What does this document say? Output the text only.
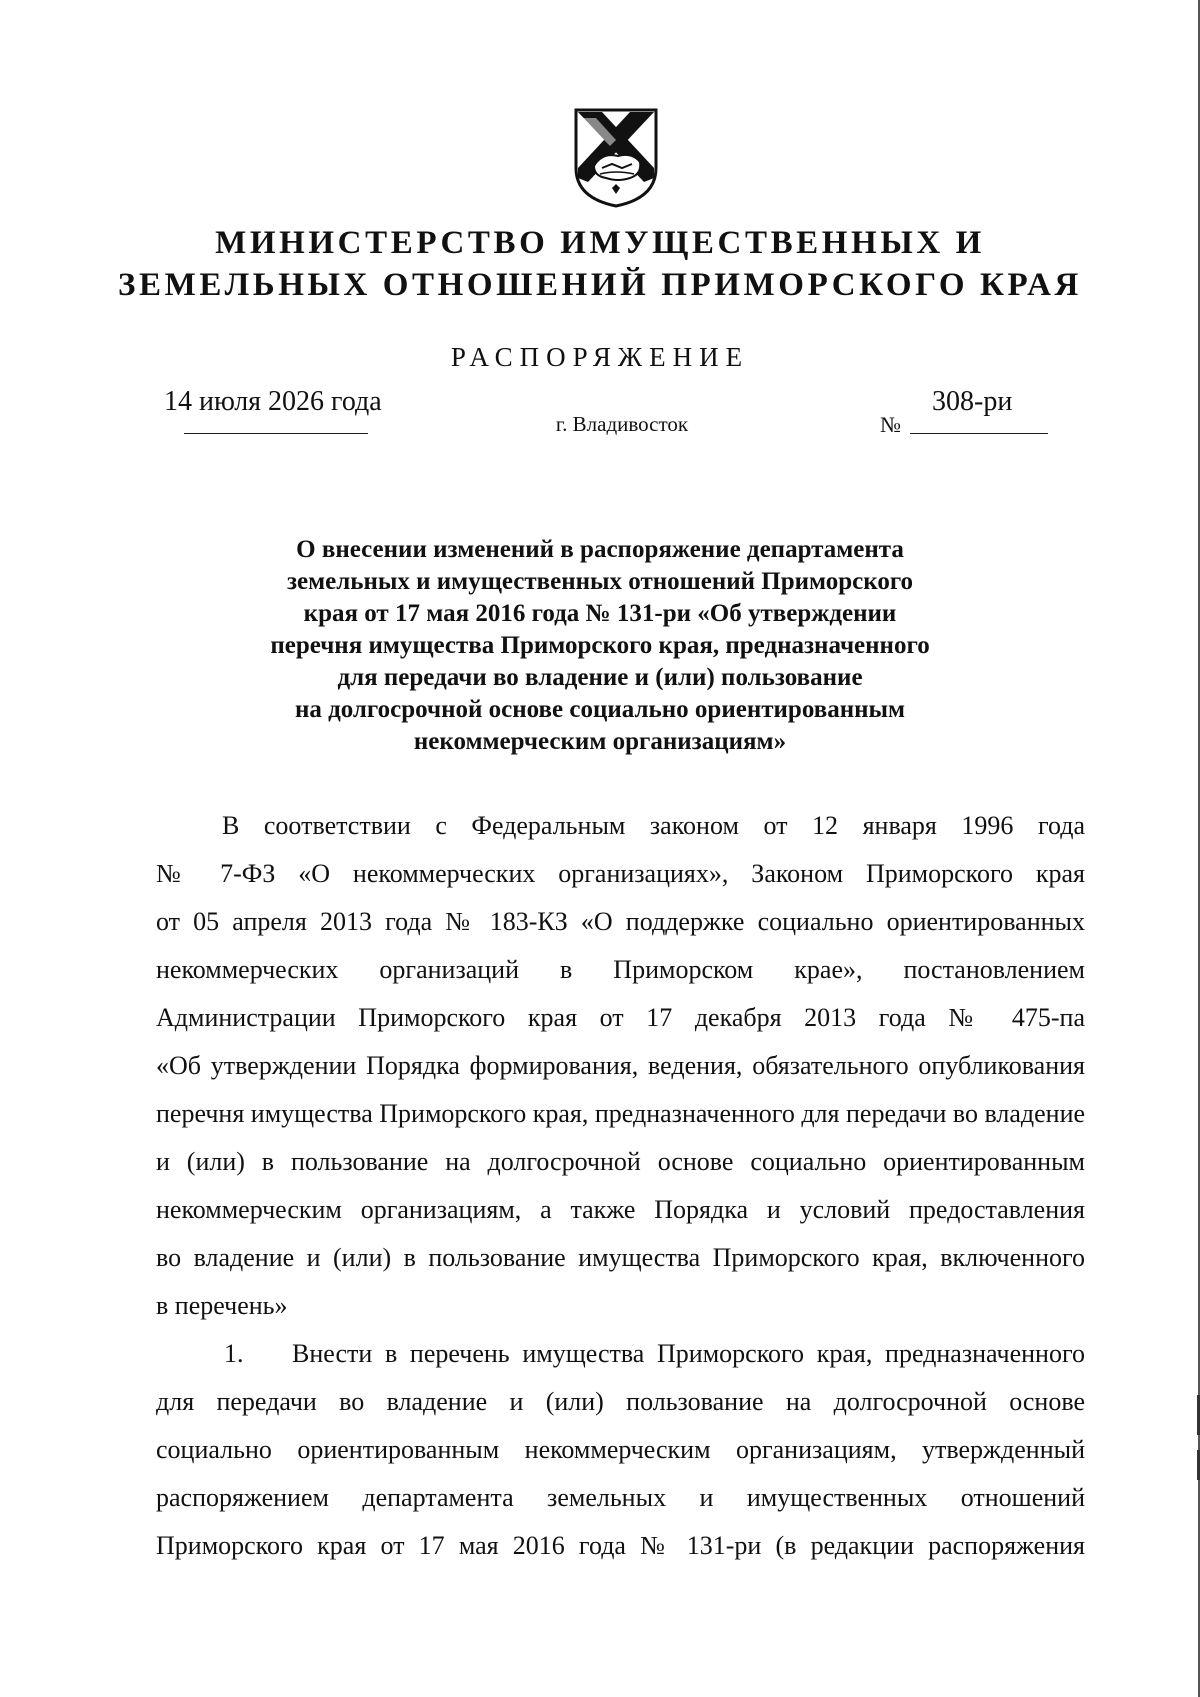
МИНИСТЕРСТВО ИМУЩЕСТВЕННЫХ И
ЗЕМЕЛЬНЫХ ОТНОШЕНИЙ ПРИМОРСКОГО КРАЯ
РАСПОРЯЖЕНИЕ
14 июля 2026 года
г. Владивосток
308-ри
№
О внесении изменений в распоряжение департамента
земельных и имущественных отношений Приморского
края от 17 мая 2016 года № 131-ри «Об утверждении
перечня имущества Приморского края, предназначенного
для передачи во владение и (или) пользование
на долгосрочной основе социально ориентированным
некоммерческим организациям»
В соответствии с Федеральным законом от 12 января 1996 года
№ 7-ФЗ «О некоммерческих организациях», Законом Приморского края
от 05 апреля 2013 года № 183-КЗ «О поддержке социально ориентированных
некоммерческих организаций в Приморском крае», постановлением
Администрации Приморского края от 17 декабря 2013 года № 475-па
«Об утверждении Порядка формирования, ведения, обязательного опубликования
перечня имущества Приморского края, предназначенного для передачи во владение
и (или) в пользование на долгосрочной основе социально ориентированным
некоммерческим организациям, а также Порядка и условий предоставления
во владение и (или) в пользование имущества Приморского края, включенного
в перечень»
1.	Внести в перечень имущества Приморского края, предназначенного
для передачи во владение и (или) пользование на долгосрочной основе
социально ориентированным некоммерческим организациям, утвержденный
распоряжением департамента земельных и имущественных отношений
Приморского края от 17 мая 2016 года № 131-ри (в редакции распоряжения
